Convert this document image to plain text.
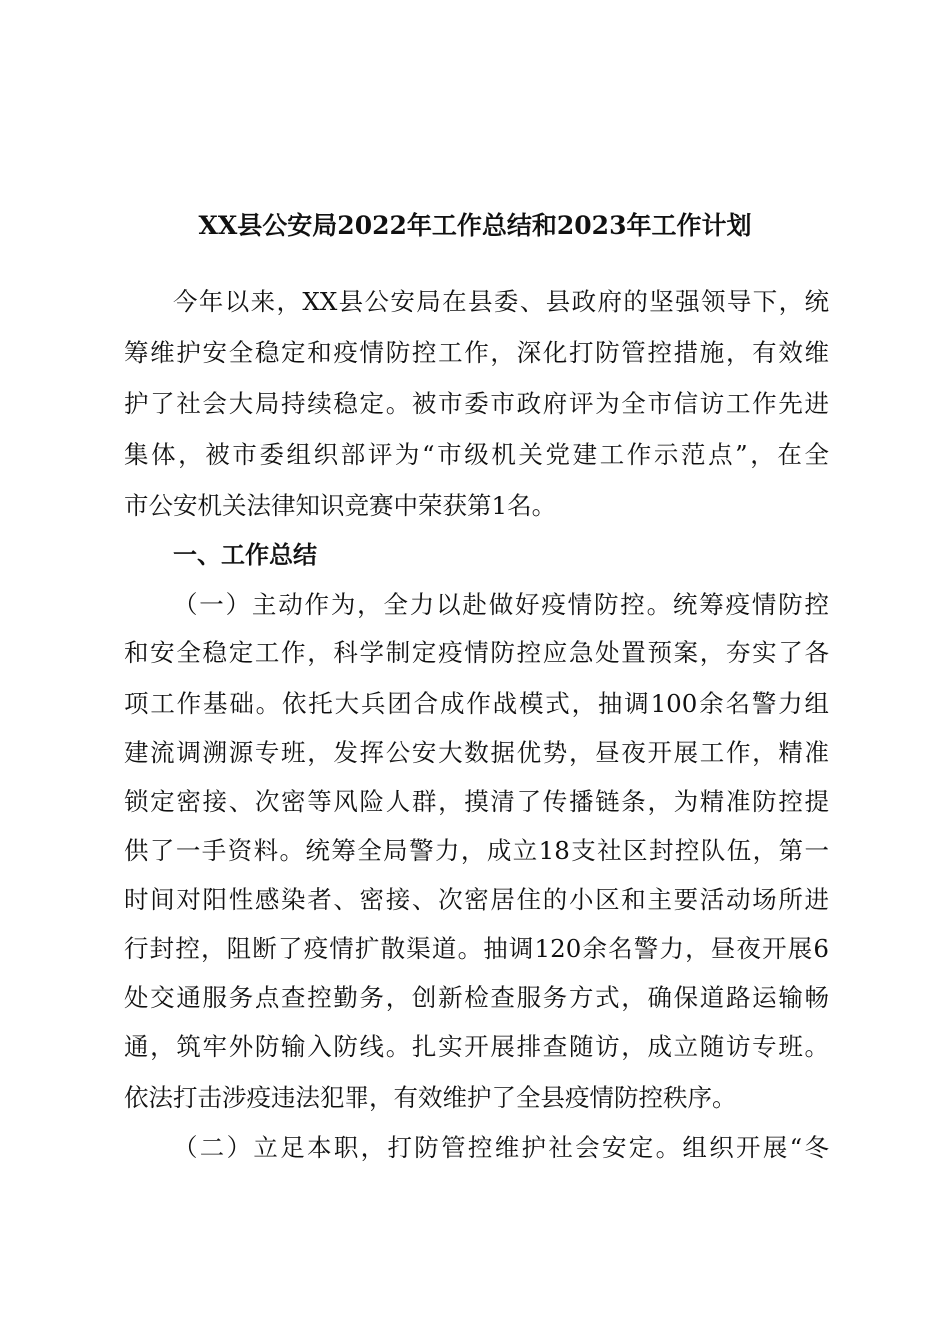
XX县公安局2022年工作总结和2023年工作计划
今年以来，XX县公安局在县委、县政府的坚强领导下，统
筹维护安全稳定和疫情防控工作，深化打防管控措施，有效维
护了社会大局持续稳定。被市委市政府评为全市信访工作先进
集体，被市委组织部评为“市级机关党建工作示范点”，在全
市公安机关法律知识竞赛中荣获第1名。
一、工作总结
（一）主动作为，全力以赴做好疫情防控。统筹疫情防控
和安全稳定工作，科学制定疫情防控应急处置预案，夯实了各
项工作基础。依托大兵团合成作战模式，抽调100余名警力组
建流调溯源专班，发挥公安大数据优势，昼夜开展工作，精准
锁定密接、次密等风险人群，摸清了传播链条，为精准防控提
供了一手资料。统筹全局警力，成立18支社区封控队伍，第一
时间对阳性感染者、密接、次密居住的小区和主要活动场所进
行封控，阻断了疫情扩散渠道。抽调120余名警力，昼夜开展6
处交通服务点查控勤务，创新检查服务方式，确保道路运输畅
通，筑牢外防输入防线。扎实开展排查随访，成立随访专班。
依法打击涉疫违法犯罪，有效维护了全县疫情防控秩序。
（二）立足本职，打防管控维护社会安定。组织开展“冬
